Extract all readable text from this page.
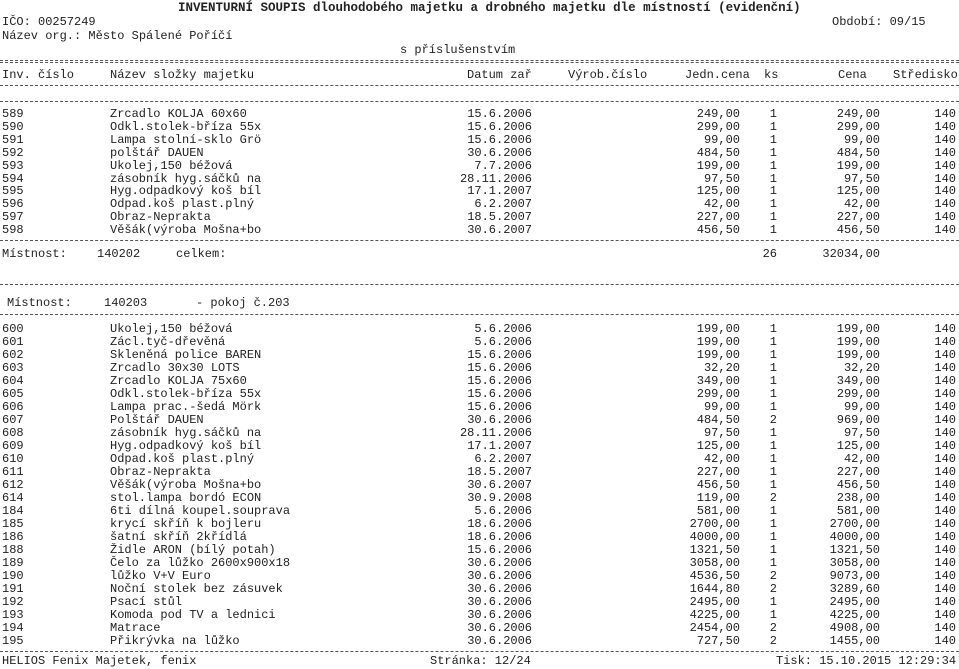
INVENTURNÍ SOUPIS dlouhodobého majetku a drobného majetku dle místností (evidenční)
IČO: 00257249	Období: 09/15
Název org.: Město Spálené Poříčí
s příslušenstvím
Inv. číslo	Název složky majetku	Datum zař	Výrob.číslo	Jedn.cena ks	Cena Středisko
589	Zrcadlo KOLJA 60x60	15.6.2006	249,00	1	249,00	140
590	Odkl.stolek-bříza 55x	15.6.2006	299,00	1	299,00	140
591	Lampa stolní-sklo Grö	15.6.2006	99,00	1	99,00	140
592	polštář DAUEN	30.6.2006	484,50	1	484,50	140
593	Ukolej,150 béžová	7.7.2006	199,00	1	199,00	140
594	zásobník hyg.sáčků na	28.11.2006	97,50	1	97,50	140
595	Hyg.odpadkový koš bíl	17.1.2007	125,00	1	125,00	140
596	Odpad.koš plast.plný	6.2.2007	42,00	1	42,00	140
597	Obraz-Neprakta	18.5.2007	227,00	1	227,00	140
598	Věšák(výroba Mošna+bo	30.6.2007	456,50	1	456,50	140
Místnost:	140202	celkem:	26	32034,00
Místnost:	140203	- pokoj č.203
600	Ukolej,150 béžová	5.6.2006	199,00	1	199,00	140
601	Zácl.tyč-dřevěná	5.6.2006	199,00	1	199,00	140
602	Skleněná police BAREN	15.6.2006	199,00	1	199,00	140
603	Zrcadlo 30x30 LOTS	15.6.2006	32,20	1	32,20	140
604	Zrcadlo KOLJA 75x60	15.6.2006	349,00	1	349,00	140
605	Odkl.stolek-bříza 55x	15.6.2006	299,00	1	299,00	140
606	Lampa prac.-šedá Mörk	15.6.2006	99,00	1	99,00	140
607	Polštář DAUEN	30.6.2006	484,50	2	969,00	140
608	zásobník hyg.sáčků na	28.11.2006	97,50	1	97,50	140
609	Hyg.odpadkový koš bíl	17.1.2007	125,00	1	125,00	140
610	Odpad.koš plast.plný	6.2.2007	42,00	1	42,00	140
611	Obraz-Neprakta	18.5.2007	227,00	1	227,00	140
612	Věšák(výroba Mošna+bo	30.6.2007	456,50	1	456,50	140
614	stol.lampa bordó ECON	30.9.2008	119,00	2	238,00	140
184	6ti dílná koupel.souprava	5.6.2006	581,00	1	581,00	140
185	krycí skříň k bojleru	18.6.2006	2700,00	1	2700,00	140
186	šatní skříň 2křídlá	18.6.2006	4000,00	1	4000,00	140
188	Židle ARON (bílý potah)	15.6.2006	1321,50	1	1321,50	140
189	Čelo za lůžko 2600x900x18	30.6.2006	3058,00	1	3058,00	140
190	lůžko V+V Euro	30.6.2006	4536,50	2	9073,00	140
191	Noční stolek bez zásuvek	30.6.2006	1644,80	2	3289,60	140
192	Psací stůl	30.6.2006	2495,00	1	2495,00	140
193	Komoda pod TV a lednici	30.6.2006	4225,00	1	4225,00	140
194	Matrace	30.6.2006	2454,00	2	4908,00	140
195	Přikrývka na lůžko	30.6.2006	727,50	2	1455,00	140
HELIOS Fenix Majetek, fenix	Stránka: 12/24	Tisk: 15.10.2015 12:29:34
